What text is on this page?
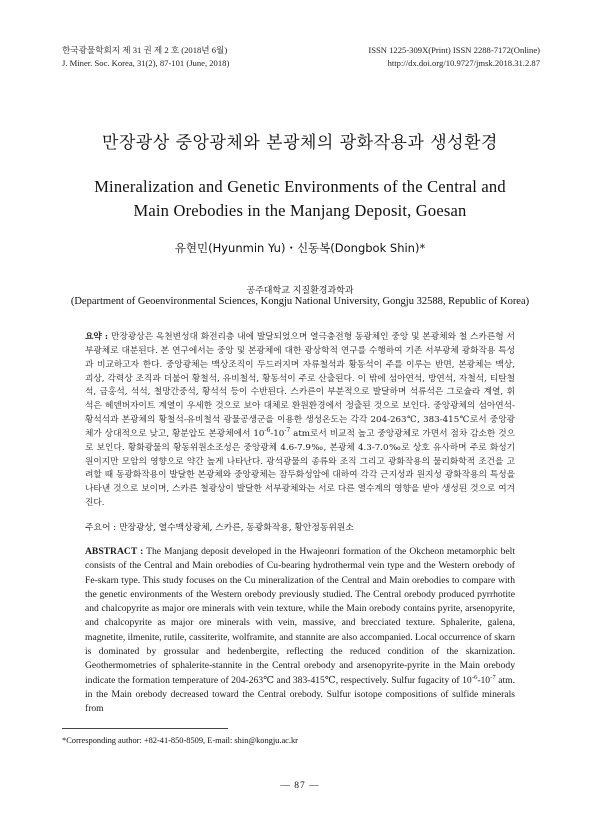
한국광물학회지 제 31 권 제 2 호 (2018년 6월)
J. Miner. Soc. Korea, 31(2), 87-101 (June, 2018)
ISSN 1225-309X(Print) ISSN 2288-7172(Online)
http://dx.doi.org/10.9727/jmsk.2018.31.2.87
만장광상 중앙광체와 본광체의 광화작용과 생성환경
Mineralization and Genetic Environments of the Central and
Main Orebodies in the Manjang Deposit, Goesan
유현민(Hyunmin Yu)・신동복(Dongbok Shin)*
공주대학교 지질환경과학과
(Department of Geoenvironmental Sciences, Kongju National University, Gongju 32588, Republic of Korea)
요약 : 만장광상은 옥천변성대 화전리층 내에 발달되었으며 열극충전형 동광체인 중앙 및 본광체와 철 스카른형 서부광체로 대분된다. 본 연구에서는 중앙 및 본광체에 대한 광상학적 연구를 수행하여 기존 서부광체 광화작용 특성과 비교하고자 한다. 중앙광체는 맥상조직이 두드러지며 자류철석과 황동석이 주를 이루는 반면, 본광체는 맥상, 괴상, 각력상 조직과 더불어 황철석, 유비철석, 황동석이 주로 산출된다. 이 밖에 섬아연석, 방연석, 자철석, 티탄철석, 금홍석, 석석, 철망간중석, 황석석 등이 수반된다. 스카른이 부분적으로 발달하며 석류석은 그로슐라 계열, 휘석은 헤덴버자이트 계열이 우세한 것으로 보아 대체로 환원환경에서 정출된 것으로 보인다. 중앙광체의 섬아연석-황석석과 본광체의 황철석-유비철석 광물공생군을 이용한 생성온도는 각각 204-263℃, 383-415℃로서 중앙광체가 상대적으로 낮고, 황분압도 본광체에서 $10^{-6}-10^{-7}$ atm로서 비교적 높고 중앙광체로 가면서 점차 감소한 것으로 보인다. 황화광물의 황동위원소조성은 중앙광체 4.6-7.9‰, 본광체 4.3-7.0‰로 상호 유사하며 주로 화성기원이지만 모암의 영향으로 약간 높게 나타난다. 광석광물의 종류와 조직 그리고 광화작용의 물리화학적 조건을 고려할 때 동광화작용이 발달한 본광체와 중앙광체는 잠두화성암에 대하여 각각 근지성과 원지성 광화작용의 특성을 나타낸 것으로 보이며, 스카른 철광상이 발달한 서부광체와는 서로 다른 열수계의 영향을 받아 생성된 것으로 여겨진다.
주요어 : 만장광상, 열수맥상광체, 스카른, 동광화작용, 황안정동위원소
ABSTRACT : The Manjang deposit developed in the Hwajeonri formation of the Okcheon metamorphic belt consists of the Central and Main orebodies of Cu-bearing hydrothermal vein type and the Western orebody of Fe-skarn type. This study focuses on the Cu mineralization of the Central and Main orebodies to compare with the genetic environments of the Western orebody previously studied. The Central orebody produced pyrrhotite and chalcopyrite as major ore minerals with vein texture, while the Main orebody contains pyrite, arsenopyrite, and chalcopyrite as major ore minerals with vein, massive, and brecciated texture. Sphalerite, galena, magnetite, ilmenite, rutile, cassiterite, wolframite, and stannite are also accompanied. Local occurrence of skarn is dominated by grossular and hedenbergite, reflecting the reduced condition of the skarnization. Geothermometries of sphalerite-stannite in the Central orebody and arsenopyrite-pyrite in the Main orebody indicate the formation temperature of 204-263℃ and 383-415℃, respectively. Sulfur fugacity of $10^{-6}-10^{-7}$ atm. in the Main orebody decreased toward the Central orebody. Sulfur isotope compositions of sulfide minerals from
*Corresponding author: +82-41-850-8509, E-mail: shin@kongju.ac.kr
― 87 ―
